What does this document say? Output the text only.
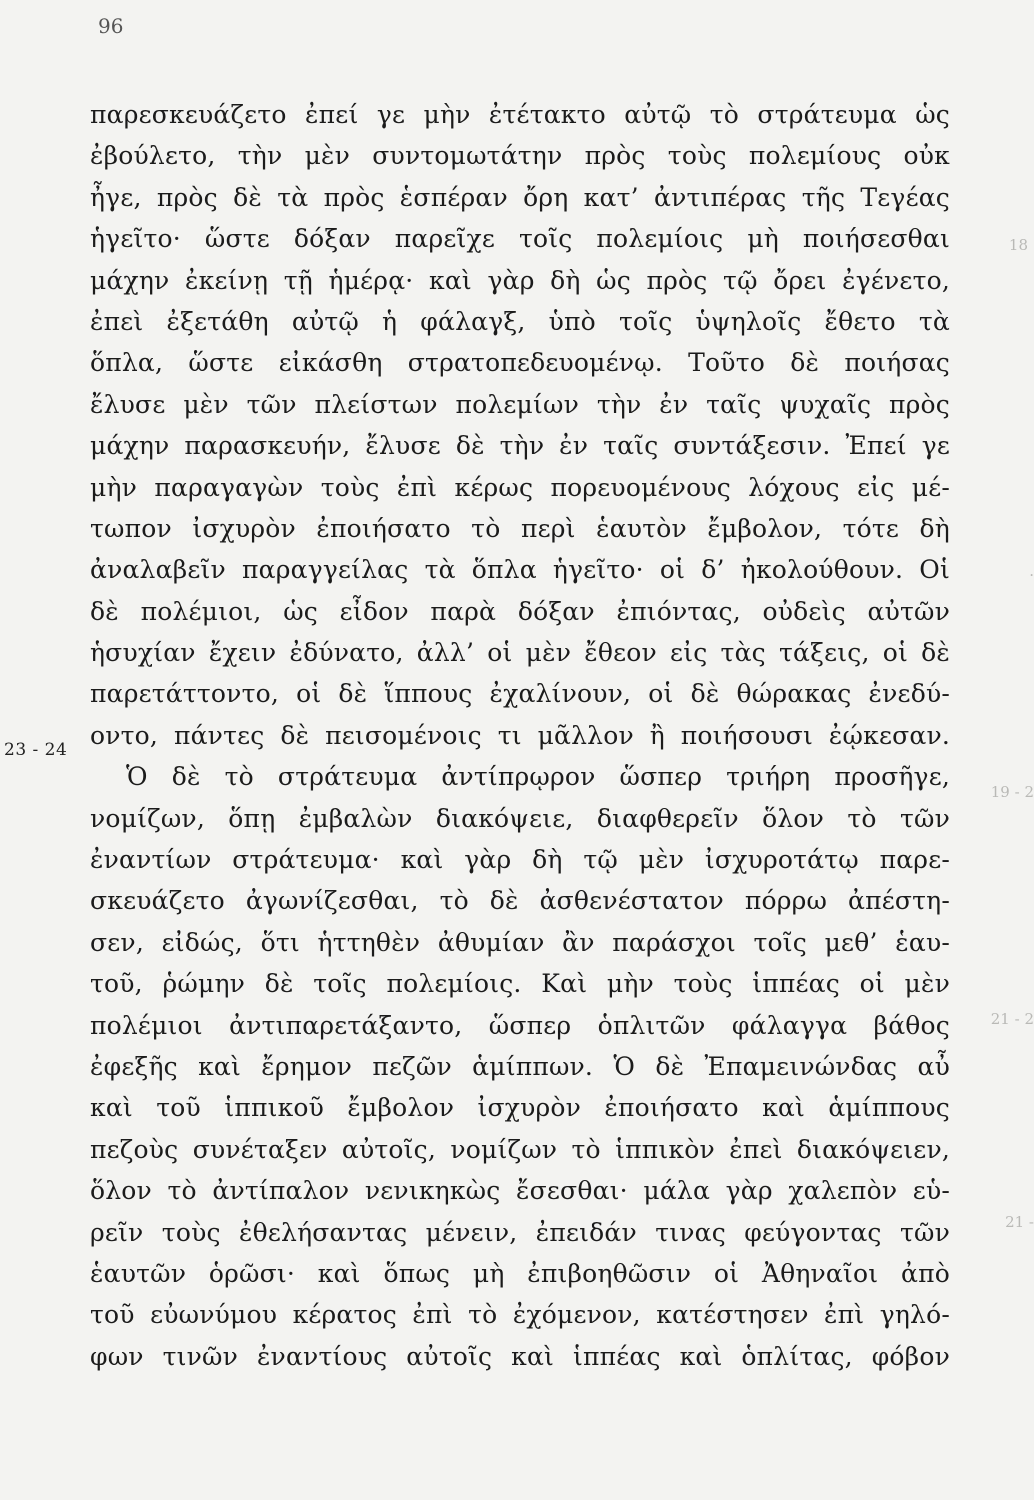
96
23 - 24
18
·
19 - 2
21 - 2
21 -
παρεσκευάζετο ἐπεί γε μὴν ἐτέτακτο αὐτῷ τὸ στράτευμα ὡς
ἐβούλετο, τὴν μὲν συντομωτάτην πρὸς τοὺς πολεμίους οὐκ
ἦγε, πρὸς δὲ τὰ πρὸς ἑσπέραν ὄρη κατ’ ἀντιπέρας τῆς Τεγέας
ἡγεῖτο· ὥστε δόξαν παρεῖχε τοῖς πολεμίοις μὴ ποιήσεσθαι
μάχην ἐκείνῃ τῇ ἡμέρᾳ· καὶ γὰρ δὴ ὡς πρὸς τῷ ὄρει ἐγένετο,
ἐπεὶ ἐξετάθη αὐτῷ ἡ φάλαγξ, ὑπὸ τοῖς ὑψηλοῖς ἔθετο τὰ
ὅπλα, ὥστε εἰκάσθη στρατοπεδευομένῳ. Τοῦτο δὲ ποιήσας
ἔλυσε μὲν τῶν πλείστων πολεμίων τὴν ἐν ταῖς ψυχαῖς πρὸς
μάχην παρασκευήν, ἔλυσε δὲ τὴν ἐν ταῖς συντάξεσιν. Ἐπεί γε
μὴν παραγαγὼν τοὺς ἐπὶ κέρως πορευομένους λόχους εἰς μέ-
τωπον ἰσχυρὸν ἐποιήσατο τὸ περὶ ἑαυτὸν ἔμβολον, τότε δὴ
ἀναλαβεῖν παραγγείλας τὰ ὅπλα ἡγεῖτο· οἱ δ’ ἠκολούθουν. Οἱ
δὲ πολέμιοι, ὡς εἶδον παρὰ δόξαν ἐπιόντας, οὐδεὶς αὐτῶν
ἡσυχίαν ἔχειν ἐδύνατο, ἀλλ’ οἱ μὲν ἔθεον εἰς τὰς τάξεις, οἱ δὲ
παρετάττοντο, οἱ δὲ ἵππους ἐχαλίνουν, οἱ δὲ θώρακας ἐνεδύ-
οντο, πάντες δὲ πεισομένοις τι μᾶλλον ἢ ποιήσουσι ἐῴκεσαν.
Ὁ δὲ τὸ στράτευμα ἀντίπρῳρον ὥσπερ τριήρη προσῆγε,
νομίζων, ὅπῃ ἐμβαλὼν διακόψειε, διαφθερεῖν ὅλον τὸ τῶν
ἐναντίων στράτευμα· καὶ γὰρ δὴ τῷ μὲν ἰσχυροτάτῳ παρε-
σκευάζετο ἀγωνίζεσθαι, τὸ δὲ ἀσθενέστατον πόρρω ἀπέστη-
σεν, εἰδώς, ὅτι ἡττηθὲν ἀθυμίαν ἂν παράσχοι τοῖς μεθ’ ἑαυ-
τοῦ, ῥώμην δὲ τοῖς πολεμίοις. Καὶ μὴν τοὺς ἱππέας οἱ μὲν
πολέμιοι ἀντιπαρετάξαντο, ὥσπερ ὁπλιτῶν φάλαγγα βάθος
ἐφεξῆς καὶ ἔρημον πεζῶν ἁμίππων. Ὁ δὲ Ἐπαμεινώνδας αὖ
καὶ τοῦ ἱππικοῦ ἔμβολον ἰσχυρὸν ἐποιήσατο καὶ ἁμίππους
πεζοὺς συνέταξεν αὐτοῖς, νομίζων τὸ ἱππικὸν ἐπεὶ διακόψειεν,
ὅλον τὸ ἀντίπαλον νενικηκὼς ἔσεσθαι· μάλα γὰρ χαλεπὸν εὑ-
ρεῖν τοὺς ἐθελήσαντας μένειν, ἐπειδάν τινας φεύγοντας τῶν
ἑαυτῶν ὁρῶσι· καὶ ὅπως μὴ ἐπιβοηθῶσιν οἱ Ἀθηναῖοι ἀπὸ
τοῦ εὐωνύμου κέρατος ἐπὶ τὸ ἐχόμενον, κατέστησεν ἐπὶ γηλό-
φων τινῶν ἐναντίους αὐτοῖς καὶ ἱππέας καὶ ὁπλίτας, φόβον
